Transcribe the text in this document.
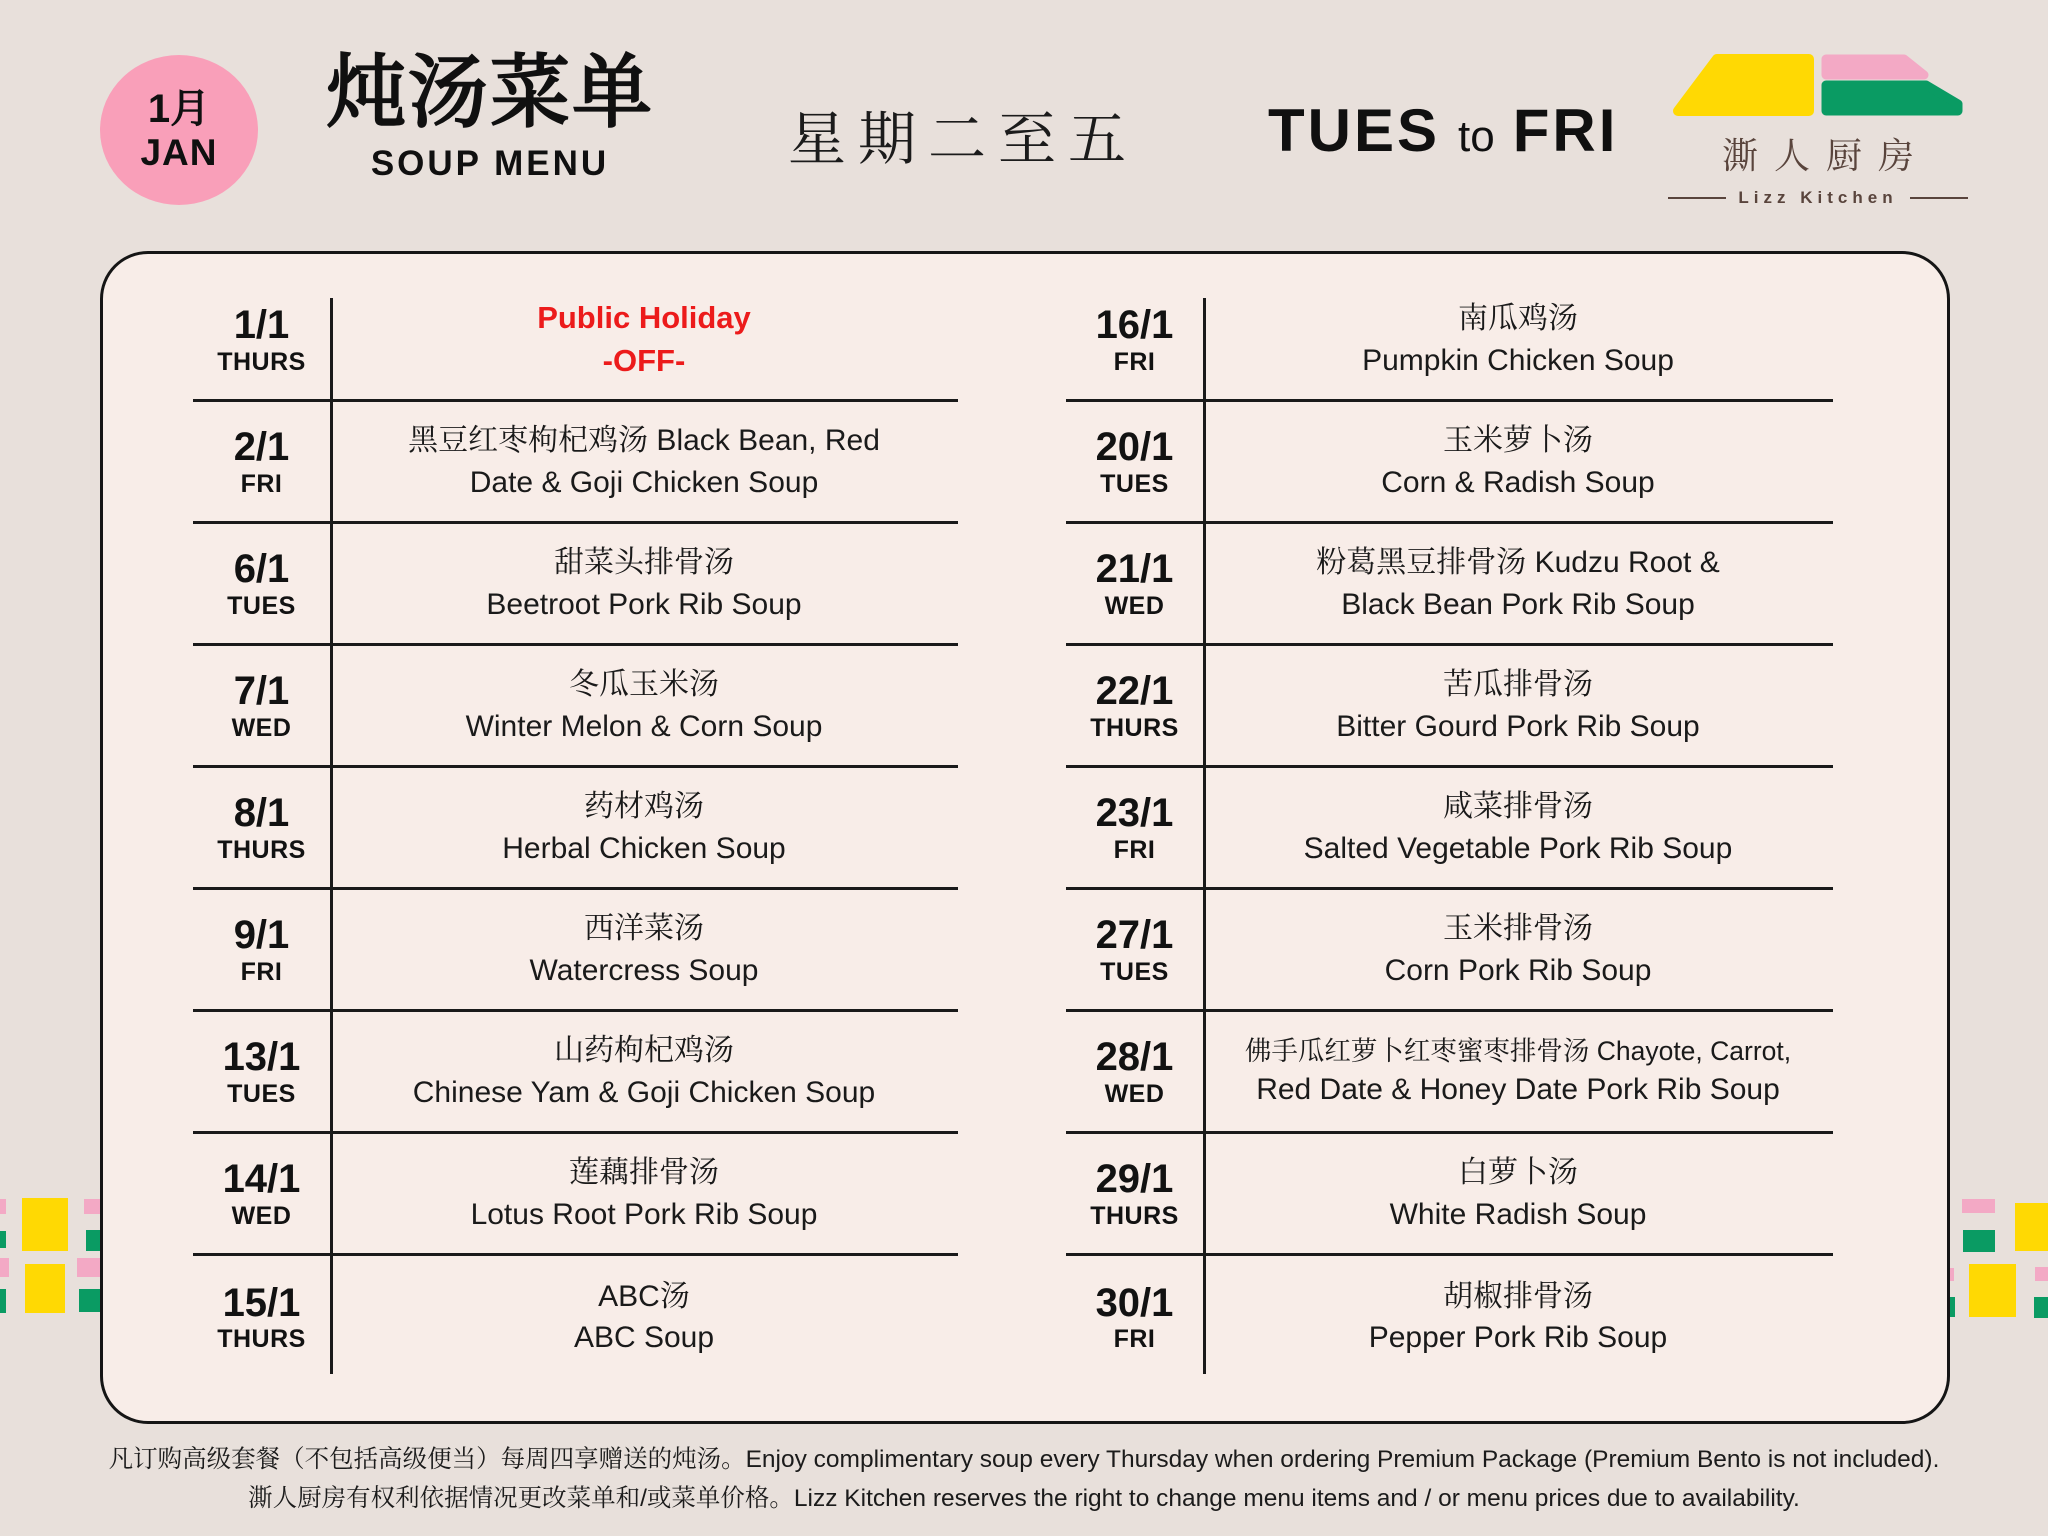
1月
JAN
炖汤菜单
SOUP MENU	星期二至五 TUES to FRI	澌人厨房
Lizz Kitchen
1/1
THURS
Public Holiday
-OFF-
2/1
FRI
黑豆红枣枸杞鸡汤 Black Bean, Red
Date & Goji Chicken Soup
6/1
TUES
甜菜头排骨汤
Beetroot Pork Rib Soup
7/1
WED
冬瓜玉米汤
Winter Melon & Corn Soup
8/1
THURS
药材鸡汤
Herbal Chicken Soup
9/1
FRI
西洋菜汤
Watercress Soup
13/1
TUES
山药枸杞鸡汤
Chinese Yam & Goji Chicken Soup
14/1
WED
莲藕排骨汤
Lotus Root Pork Rib Soup
15/1
THURS
ABC汤
ABC Soup
16/1
FRI
南瓜鸡汤
Pumpkin Chicken Soup
20/1
TUES
玉米萝卜汤
Corn & Radish Soup
21/1
WED
粉葛黑豆排骨汤 Kudzu Root &
Black Bean Pork Rib Soup
22/1
THURS
苦瓜排骨汤
Bitter Gourd Pork Rib Soup
23/1
FRI
咸菜排骨汤
Salted Vegetable Pork Rib Soup
27/1
TUES
玉米排骨汤
Corn Pork Rib Soup
28/1
WED
佛手瓜红萝卜红枣蜜枣排骨汤 Chayote, Carrot,
Red Date & Honey Date Pork Rib Soup
29/1
THURS
白萝卜汤
White Radish Soup
30/1
FRI
胡椒排骨汤
Pepper Pork Rib Soup
凡订购高级套餐（不包括高级便当）每周四享赠送的炖汤。Enjoy complimentary soup every Thursday when ordering Premium Package (Premium Bento is not included).
澌人厨房有权利依据情况更改菜单和/或菜单价格。Lizz Kitchen reserves the right to change menu items and / or menu prices due to availability.
